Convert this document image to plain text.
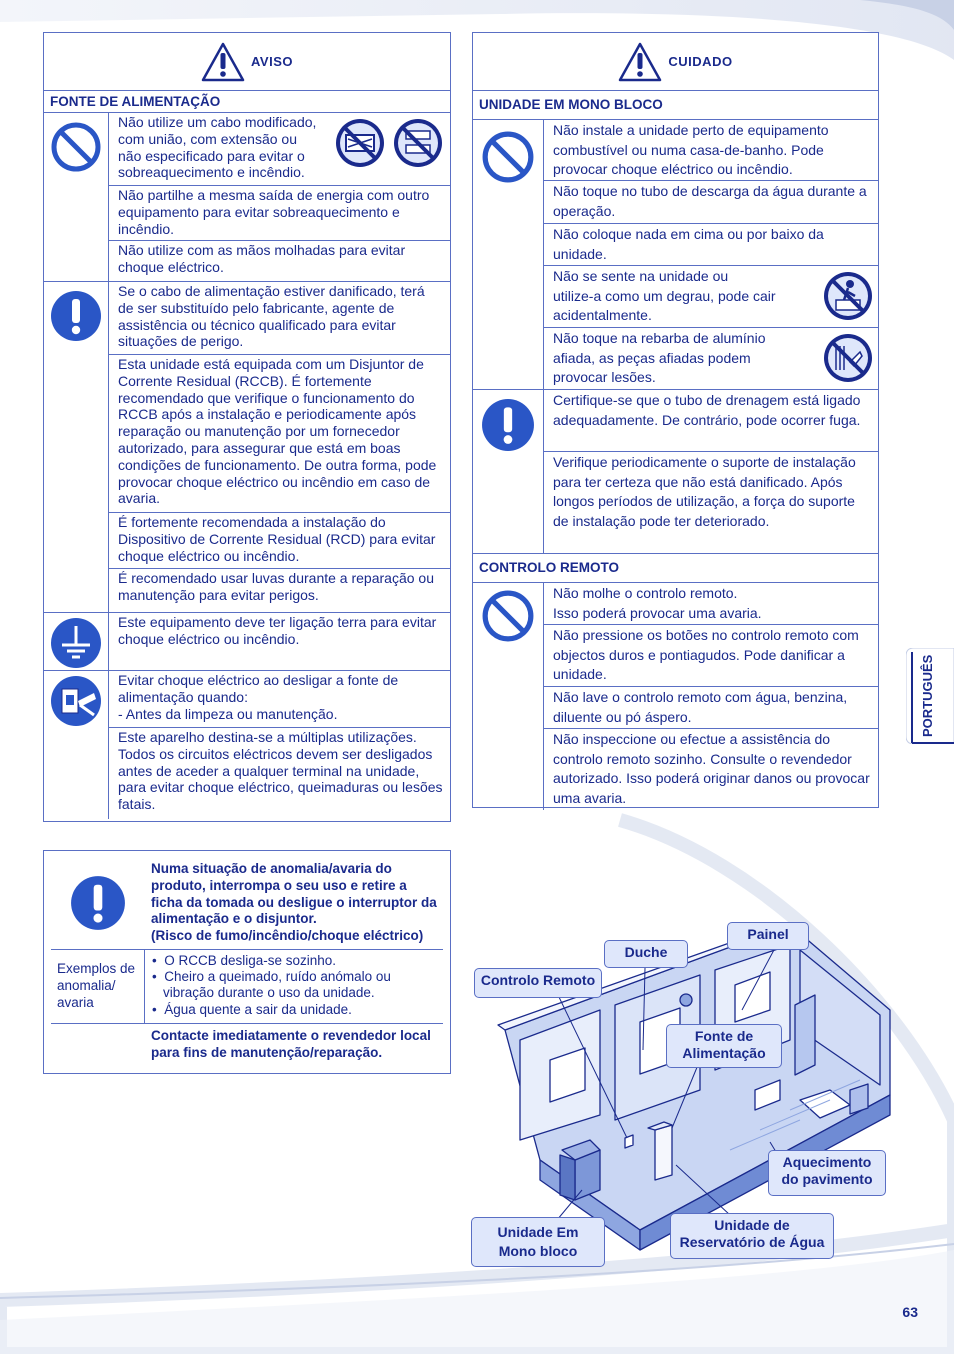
AVISO
FONTE DE ALIMENTAÇÃO
Não utilize um cabo modificado,
com união, com extensão ou
não especificado para evitar o
sobreaquecimento e incêndio.
Não partilhe a mesma saída de energia com outro equipamento para evitar sobreaquecimento e incêndio.
Não utilize com as mãos molhadas para evitar choque eléctrico.
Se o cabo de alimentação estiver danificado, terá de ser substituído pelo fabricante, agente de assistência ou técnico qualificado para evitar situações de perigo.
Esta unidade está equipada com um Disjuntor de Corrente Residual (RCCB). É fortemente recomendado que verifique o funcionamento do RCCB após a instalação e periodicamente após reparação ou manutenção por um fornecedor autorizado, para assegurar que está em boas condições de funcionamento. De outra forma, pode provocar choque eléctrico ou incêndio em caso de avaria.
É fortemente recomendada a instalação do Dispositivo de Corrente Residual (RCD) para evitar choque eléctrico ou incêndio.
É recomendado usar luvas durante a reparação ou manutenção para evitar perigos.
Este equipamento deve ter ligação terra para evitar choque eléctrico ou incêndio.
Evitar choque eléctrico ao desligar a fonte de alimentação quando:
- Antes da limpeza ou manutenção.
Este aparelho destina-se a múltiplas utilizações. Todos os circuitos eléctricos devem ser desligados antes de aceder a qualquer terminal na unidade, para evitar choque eléctrico, queimaduras ou lesões fatais.
CUIDADO
UNIDADE EM MONO BLOCO
Não instale a unidade perto de equipamento combustível ou numa casa-de-banho. Pode provocar choque eléctrico ou incêndio.
Não toque no tubo de descarga da água durante a operação.
Não coloque nada em cima ou por baixo da unidade.
Não se sente na unidade ou
utilize-a como um degrau, pode cair
acidentalmente.
Não toque na rebarba de alumínio
afiada, as peças afiadas podem
provocar lesões.
Certifique-se que o tubo de drenagem está ligado adequadamente. De contrário, pode ocorrer fuga.
Verifique periodicamente o suporte de instalação para ter certeza que não está danificado. Após longos períodos de utilização, a força do suporte de instalação pode ter deteriorado.
CONTROLO REMOTO
Não molhe o controlo remoto.
Isso poderá provocar uma avaria.
Não pressione os botões no controlo remoto com objectos duros e pontiagudos. Pode danificar a unidade.
Não lave o controlo remoto com água, benzina, diluente ou pó áspero.
Não inspeccione ou efectue a assistência do controlo remoto sozinho. Consulte o revendedor autorizado. Isso poderá originar danos ou provocar uma avaria.
Numa situação de anomalia/avaria do produto, interrompa o seu uso e retire a ficha da tomada ou desligue o interruptor da alimentação e o disjuntor.
(Risco de fumo/incêndio/choque eléctrico)
Exemplos de anomalia/ avaria
•  O RCCB desliga-se sozinho.
•  Cheiro a queimado, ruído anómalo ou vibração durante o uso da unidade.
•  Água quente a sair da unidade.
Contacte imediatamente o revendedor local para fins de manutenção/reparação.
Painel
Duche
Controlo Remoto
Fonte de
Alimentação
Aquecimento
do pavimento
Unidade Em
Mono bloco
Unidade de
Reservatório de Água
PORTUGUÊS
63
